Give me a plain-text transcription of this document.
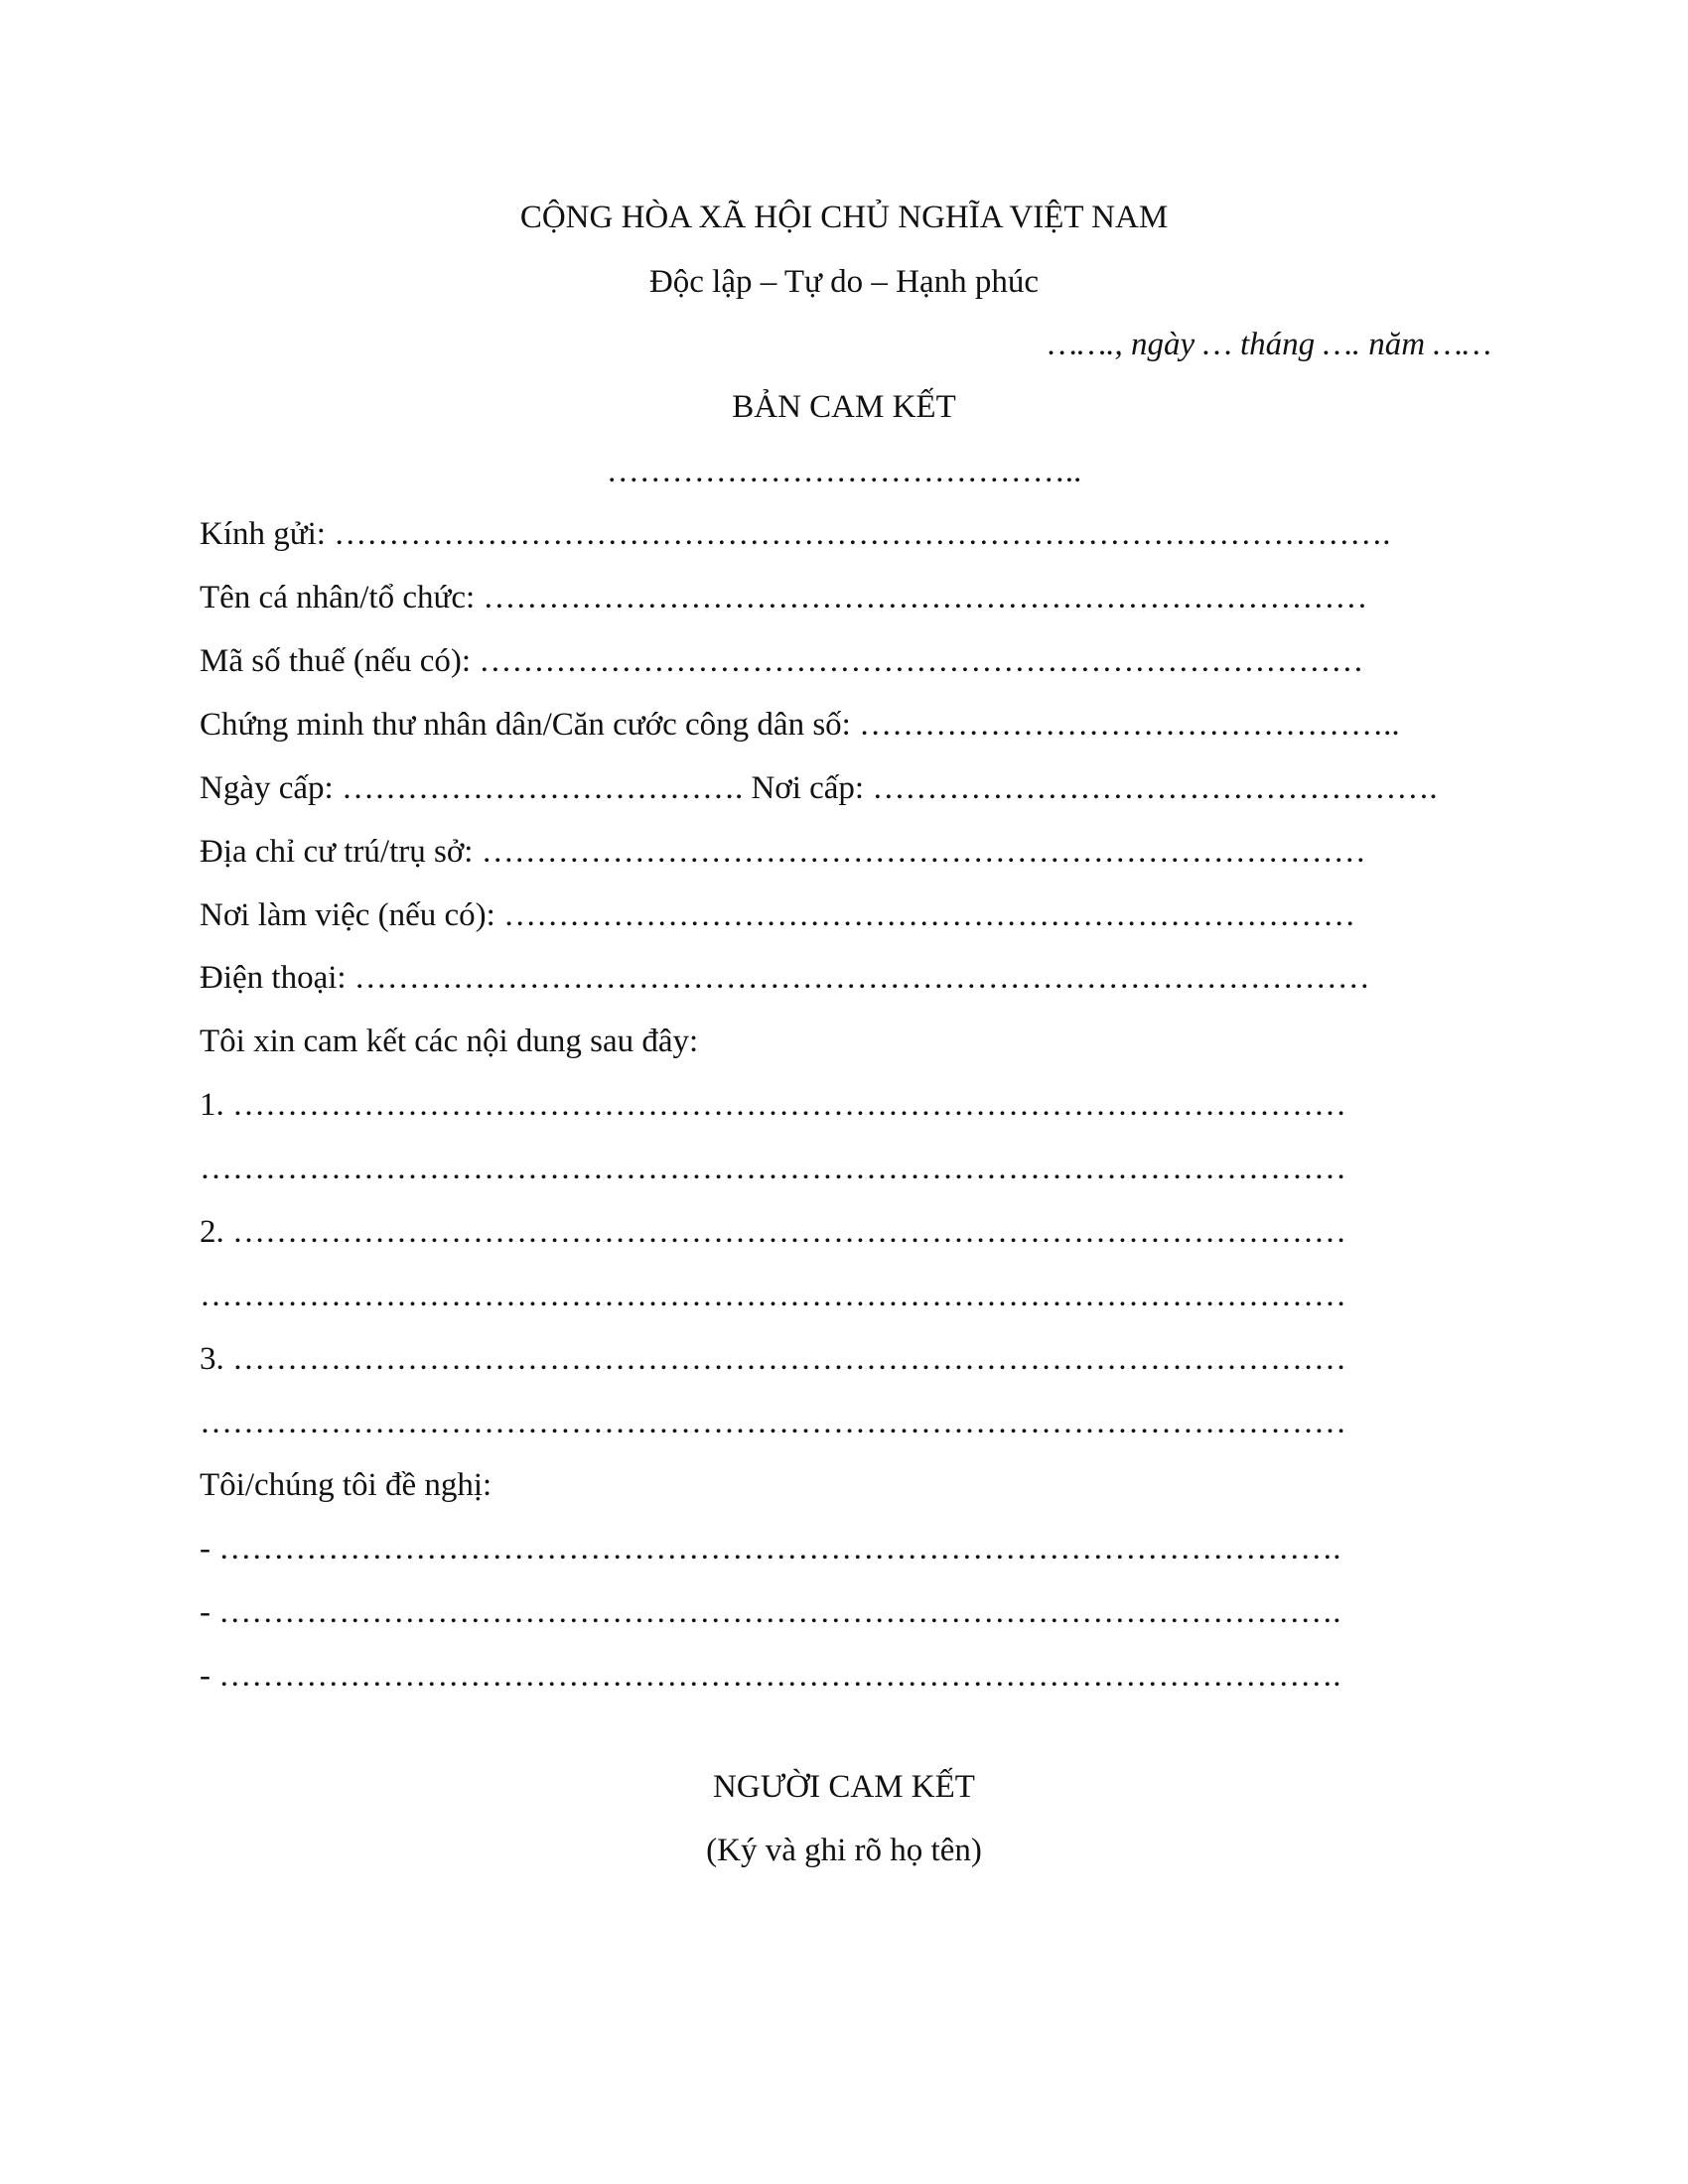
CỘNG HÒA XÃ HỘI CHỦ NGHĨA VIỆT NAM
Độc lập – Tự do – Hạnh phúc
……., ngày … tháng …. năm ……
BẢN CAM KẾT
……………………………………..
Kính gửi: …………………………………………………………………………………….
Tên cá nhân/tổ chức: ………………………………………………………………………
Mã số thuế (nếu có): ………………………………………………………………………
Chứng minh thư nhân dân/Căn cước công dân số: …………………………………………..
Ngày cấp: ………………………………. Nơi cấp: …………………………………………….
Địa chỉ cư trú/trụ sở: ………………………………………………………………………
Nơi làm việc (nếu có): ……………………………………………………………………
Điện thoại: …………………………………………………………………………………
Tôi xin cam kết các nội dung sau đây:
1. …………………………………………………………………………………………
……………………………………………………………………………………………
2. …………………………………………………………………………………………
……………………………………………………………………………………………
3. …………………………………………………………………………………………
……………………………………………………………………………………………
Tôi/chúng tôi đề nghị:
- ………………………………………………………………………………………….
- ………………………………………………………………………………………….
- ………………………………………………………………………………………….
NGƯỜI CAM KẾT
(Ký và ghi rõ họ tên)
